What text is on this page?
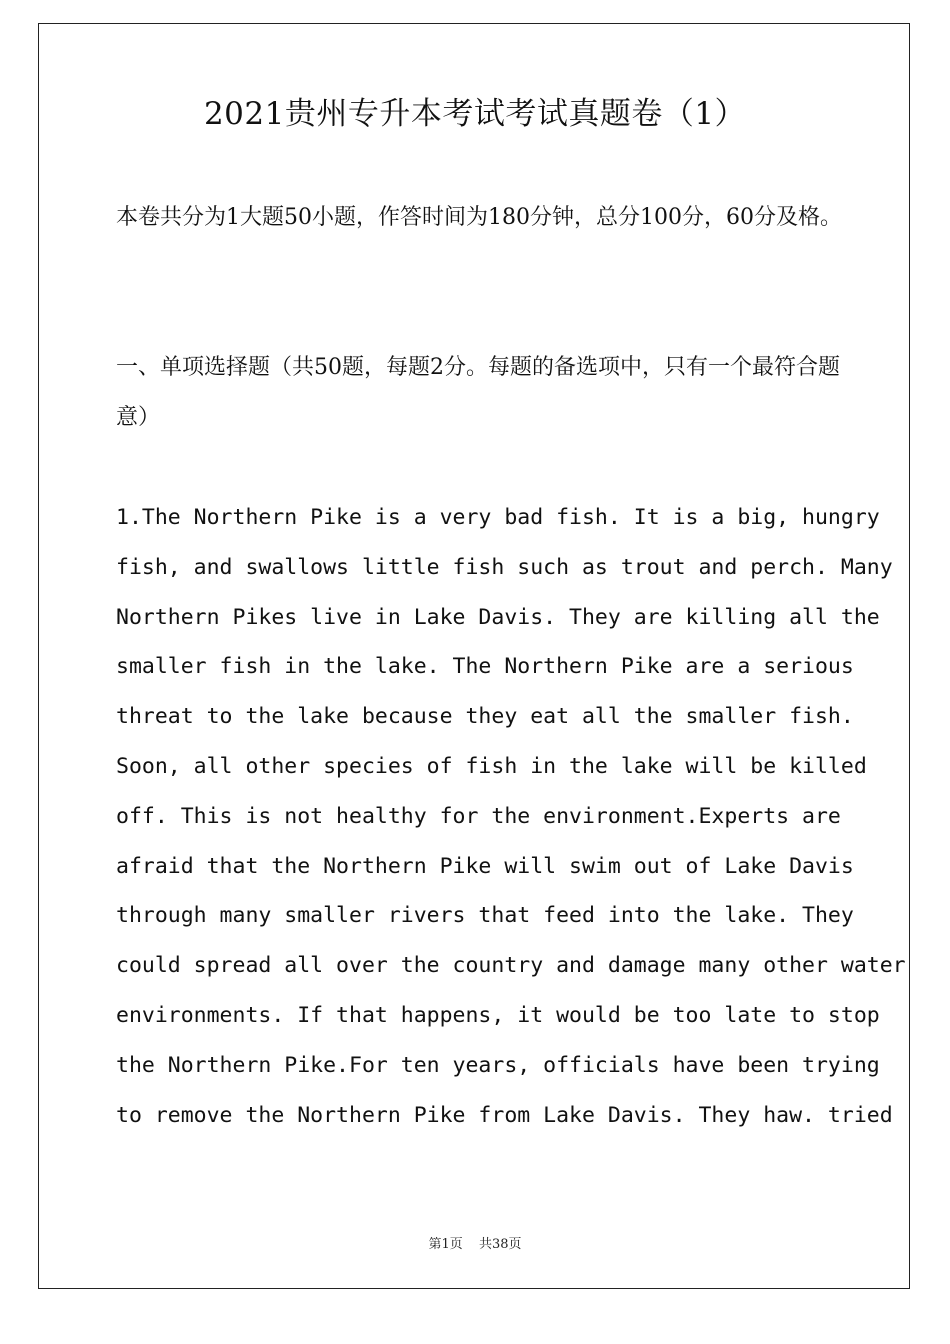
2021贵州专升本考试考试真题卷（1）
本卷共分为1大题50小题，作答时间为180分钟，总分100分，60分及格。
一、单项选择题（共50题，每题2分。每题的备选项中，只有一个最符合题意）
1.The Northern Pike is a very bad fish. It is a big, hungry
fish, and swallows little fish such as trout and perch. Many
Northern Pikes live in Lake Davis. They are killing all the
smaller fish in the lake. The Northern Pike are a serious
threat to the lake because they eat all the smaller fish.
Soon, all other species of fish in the lake will be killed
off. This is not healthy for the environment.Experts are
afraid that the Northern Pike will swim out of Lake Davis
through many smaller rivers that feed into the lake. They
could spread all over the country and damage many other water
environments. If that happens, it would be too late to stop
the Northern Pike.For ten years, officials have been trying
to remove the Northern Pike from Lake Davis. They haw. tried
第1页 共38页
